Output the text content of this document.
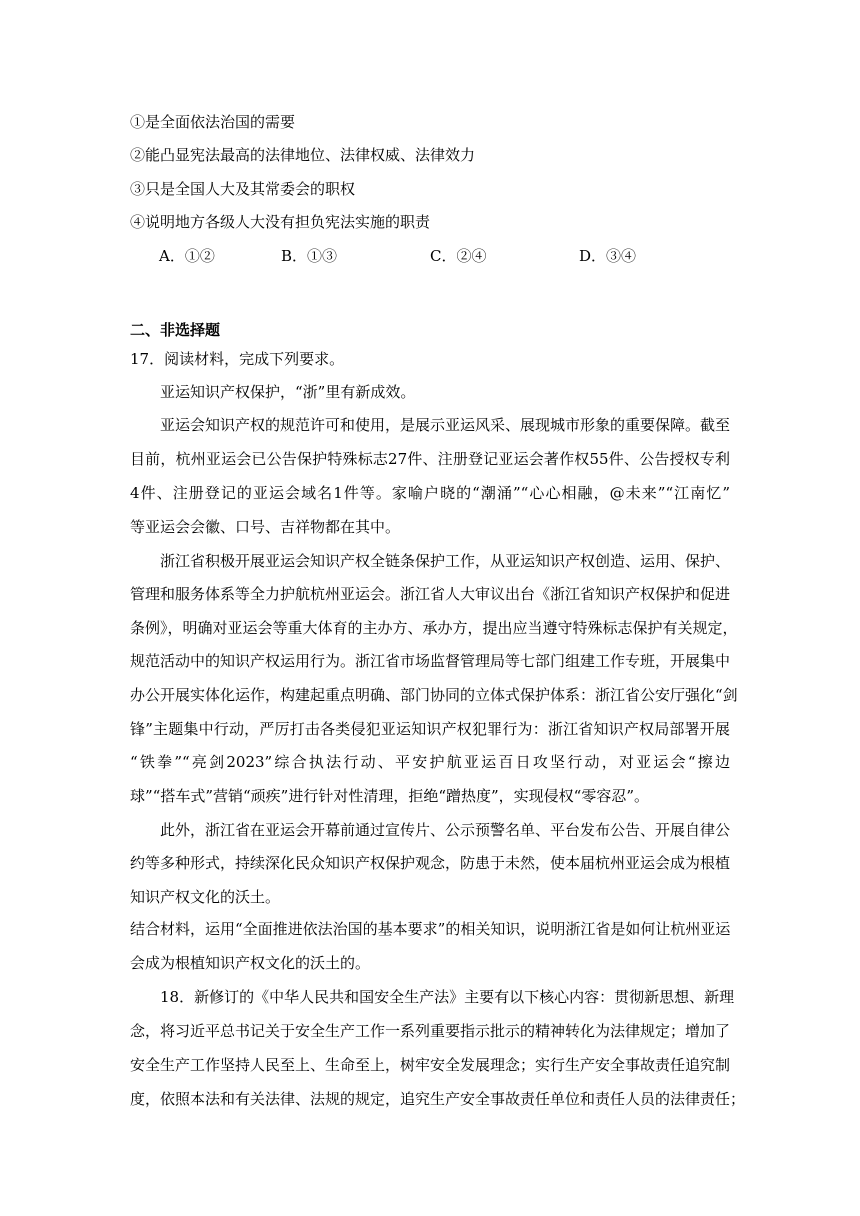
①是全面依法治国的需要
②能凸显宪法最高的法律地位、法律权威、法律效力
③只是全国人大及其常委会的职权
④说明地方各级人大没有担负宪法实施的职责
A．①②	B．①③	C．②④	D．③④
二、非选择题
17．阅读材料，完成下列要求。
亚运知识产权保护，“浙”里有新成效。
亚运会知识产权的规范许可和使用，是展示亚运风采、展现城市形象的重要保障。截至
目前，杭州亚运会已公告保护特殊标志27件、注册登记亚运会著作权55件、公告授权专利
4件、注册登记的亚运会域名1件等。家喻户晓的“潮涌”“心心相融，@未来”“江南忆”
等亚运会会徽、口号、吉祥物都在其中。
浙江省积极开展亚运会知识产权全链条保护工作，从亚运知识产权创造、运用、保护、
管理和服务体系等全力护航杭州亚运会。浙江省人大审议出台《浙江省知识产权保护和促进
条例》，明确对亚运会等重大体育的主办方、承办方，提出应当遵守特殊标志保护有关规定，
规范活动中的知识产权运用行为。浙江省市场监督管理局等七部门组建工作专班，开展集中
办公开展实体化运作，构建起重点明确、部门协同的立体式保护体系：浙江省公安厅强化“剑
锋”主题集中行动，严厉打击各类侵犯亚运知识产权犯罪行为：浙江省知识产权局部署开展
“铁拳”“亮剑2023”综合执法行动、平安护航亚运百日攻坚行动，对亚运会“擦边
球”“搭车式”营销“顽疾”进行针对性清理，拒绝“蹭热度”，实现侵权“零容忍”。
此外，浙江省在亚运会开幕前通过宣传片、公示预警名单、平台发布公告、开展自律公
约等多种形式，持续深化民众知识产权保护观念，防患于未然，使本届杭州亚运会成为根植
知识产权文化的沃土。
结合材料，运用“全面推进依法治国的基本要求”的相关知识，说明浙江省是如何让杭州亚运
会成为根植知识产权文化的沃土的。
18．新修订的《中华人民共和国安全生产法》主要有以下核心内容：贯彻新思想、新理
念，将习近平总书记关于安全生产工作一系列重要指示批示的精神转化为法律规定；增加了
安全生产工作坚持人民至上、生命至上，树牢安全发展理念；实行生产安全事故责任追究制
度，依照本法和有关法律、法规的规定，追究生产安全事故责任单位和责任人员的法律责任；
